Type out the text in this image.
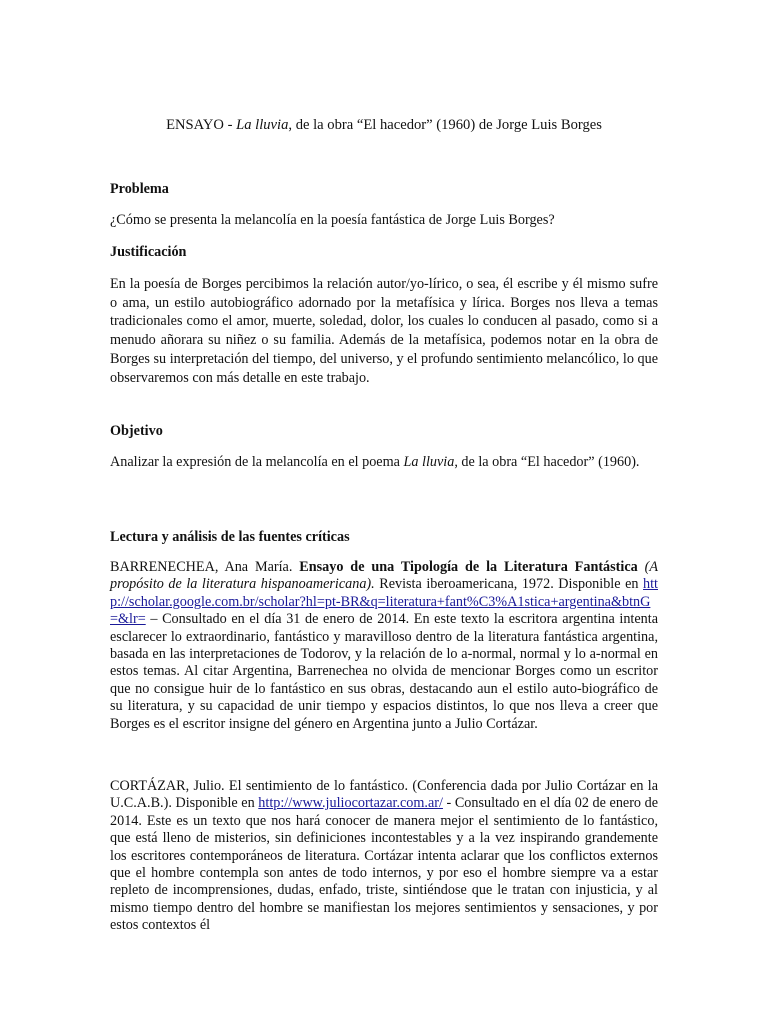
ENSAYO - La lluvia, de la obra “El hacedor” (1960) de Jorge Luis Borges
Problema

¿Cómo se presenta la melancolía en la poesía fantástica de Jorge Luis Borges?

Justificación

En la poesía de Borges percibimos la relación autor/yo-lírico, o sea, él escribe y él mismo sufre o ama, un estilo autobiográfico adornado por la metafísica y lírica. Borges nos lleva a temas tradicionales como el amor, muerte, soledad, dolor, los cuales lo conducen al pasado, como si a menudo añorara su niñez o su familia. Además de la metafísica, podemos notar en la obra de Borges su interpretación del tiempo, del universo, y el profundo sentimiento melancólico, lo que observaremos con más detalle en este trabajo.

Objetivo

Analizar la expresión de la melancolía en el poema La lluvia, de la obra “El hacedor” (1960).

Lectura y análisis de las fuentes críticas

BARRENECHEA, Ana María. Ensayo de una Tipología de la Literatura Fantástica (A propósito de la literatura hispanoamericana). Revista iberoamericana, 1972. Disponible en http://scholar.google.com.br/scholar?hl=pt-BR&q=literatura+fant%C3%A1stica+argentina&btnG=&lr= – Consultado en el día 31 de enero de 2014. En este texto la escritora argentina intenta esclarecer lo extraordinario, fantástico y maravilloso dentro de la literatura fantástica argentina, basada en las interpretaciones de Todorov, y la relación de lo a-normal, normal y lo a-normal en estos temas. Al citar Argentina, Barrenechea no olvida de mencionar Borges como un escritor que no consigue huir de lo fantástico en sus obras, destacando aun el estilo auto-biográfico de su literatura, y su capacidad de unir tiempo y espacios distintos, lo que nos lleva a creer que Borges es el escritor insigne del género en Argentina junto a Julio Cortázar.

CORTÁZAR, Julio. El sentimiento de lo fantástico. (Conferencia dada por Julio Cortázar en la U.C.A.B.). Disponible en http://www.juliocortazar.com.ar/ - Consultado en el día 02 de enero de 2014. Este es un texto que nos hará conocer de manera mejor el sentimiento de lo fantástico, que está lleno de misterios, sin definiciones incontestables y a la vez inspirando grandemente los escritores contemporáneos de literatura. Cortázar intenta aclarar que los conflictos externos que el hombre contempla son antes de todo internos, y por eso el hombre siempre va a estar repleto de incomprensiones, dudas, enfado, triste, sintiéndose que le tratan con injusticia, y al mismo tiempo dentro del hombre se manifiestan los mejores sentimientos y sensaciones, y por estos contextos él
